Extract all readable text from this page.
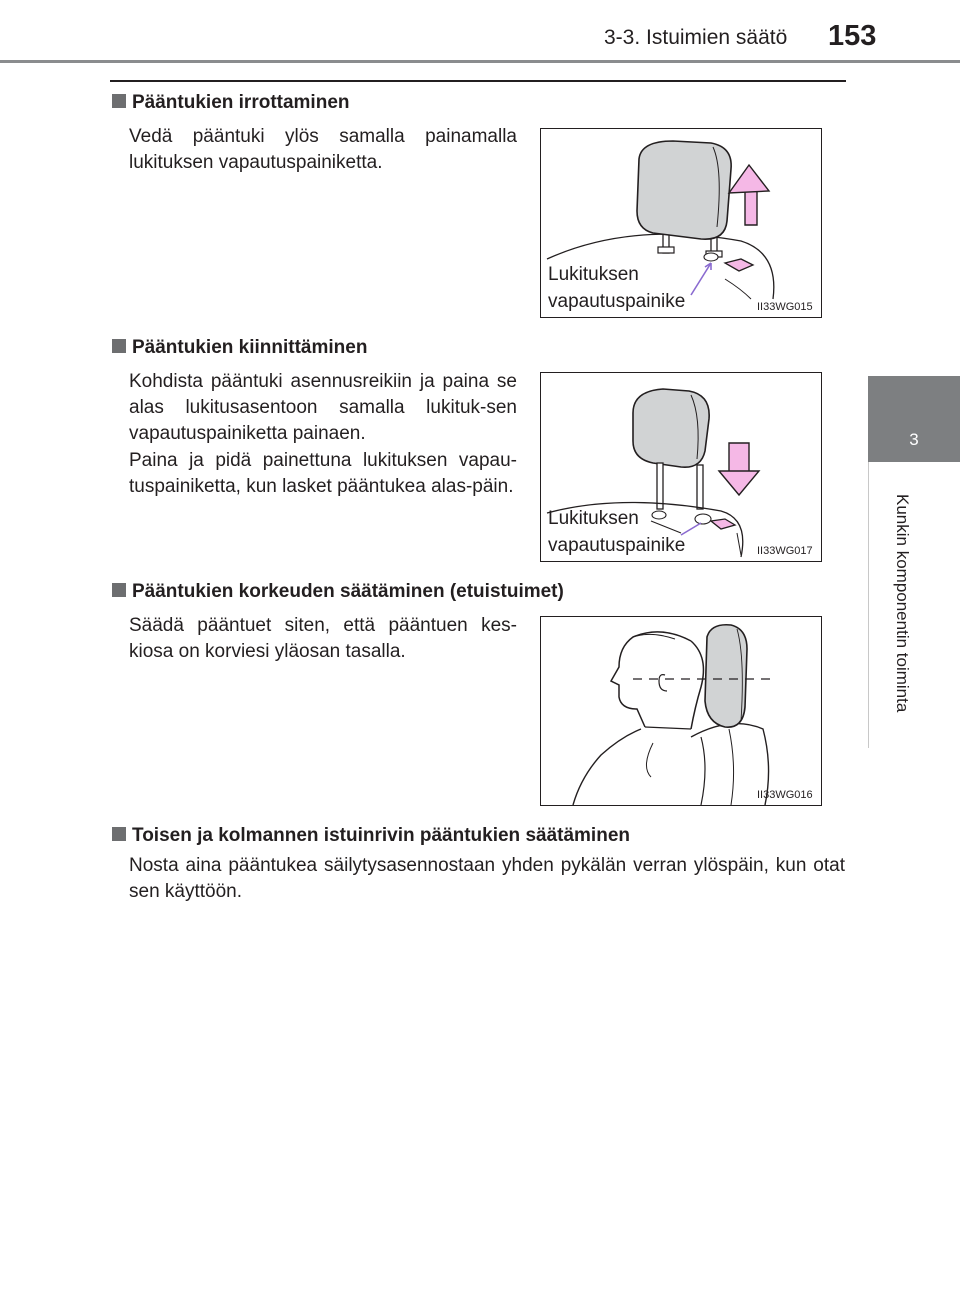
3-3. Istuimien säätö 153
3
Kunkin komponentin toiminta
Pääntukien irrottaminen
Vedä pääntuki ylös samalla painamalla lukituksen vapautuspainiketta.
Lukituksen
vapautuspainike	II33WG015
Pääntukien kiinnittäminen
Kohdista pääntuki asennusreikiin ja paina se alas lukitusasentoon samalla lukituk-sen vapautuspainiketta painaen.
Paina ja pidä painettuna lukituksen vapau-tuspainiketta, kun lasket pääntukea alas-päin.
Lukituksen
vapautuspainike	II33WG017
Pääntukien korkeuden säätäminen (etuistuimet)
Säädä pääntuet siten, että pääntuen kes-kiosa on korviesi yläosan tasalla.
II33WG016
Toisen ja kolmannen istuinrivin pääntukien säätäminen
Nosta aina pääntukea säilytysasennostaan yhden pykälän verran ylöspäin, kun otat sen käyttöön.
